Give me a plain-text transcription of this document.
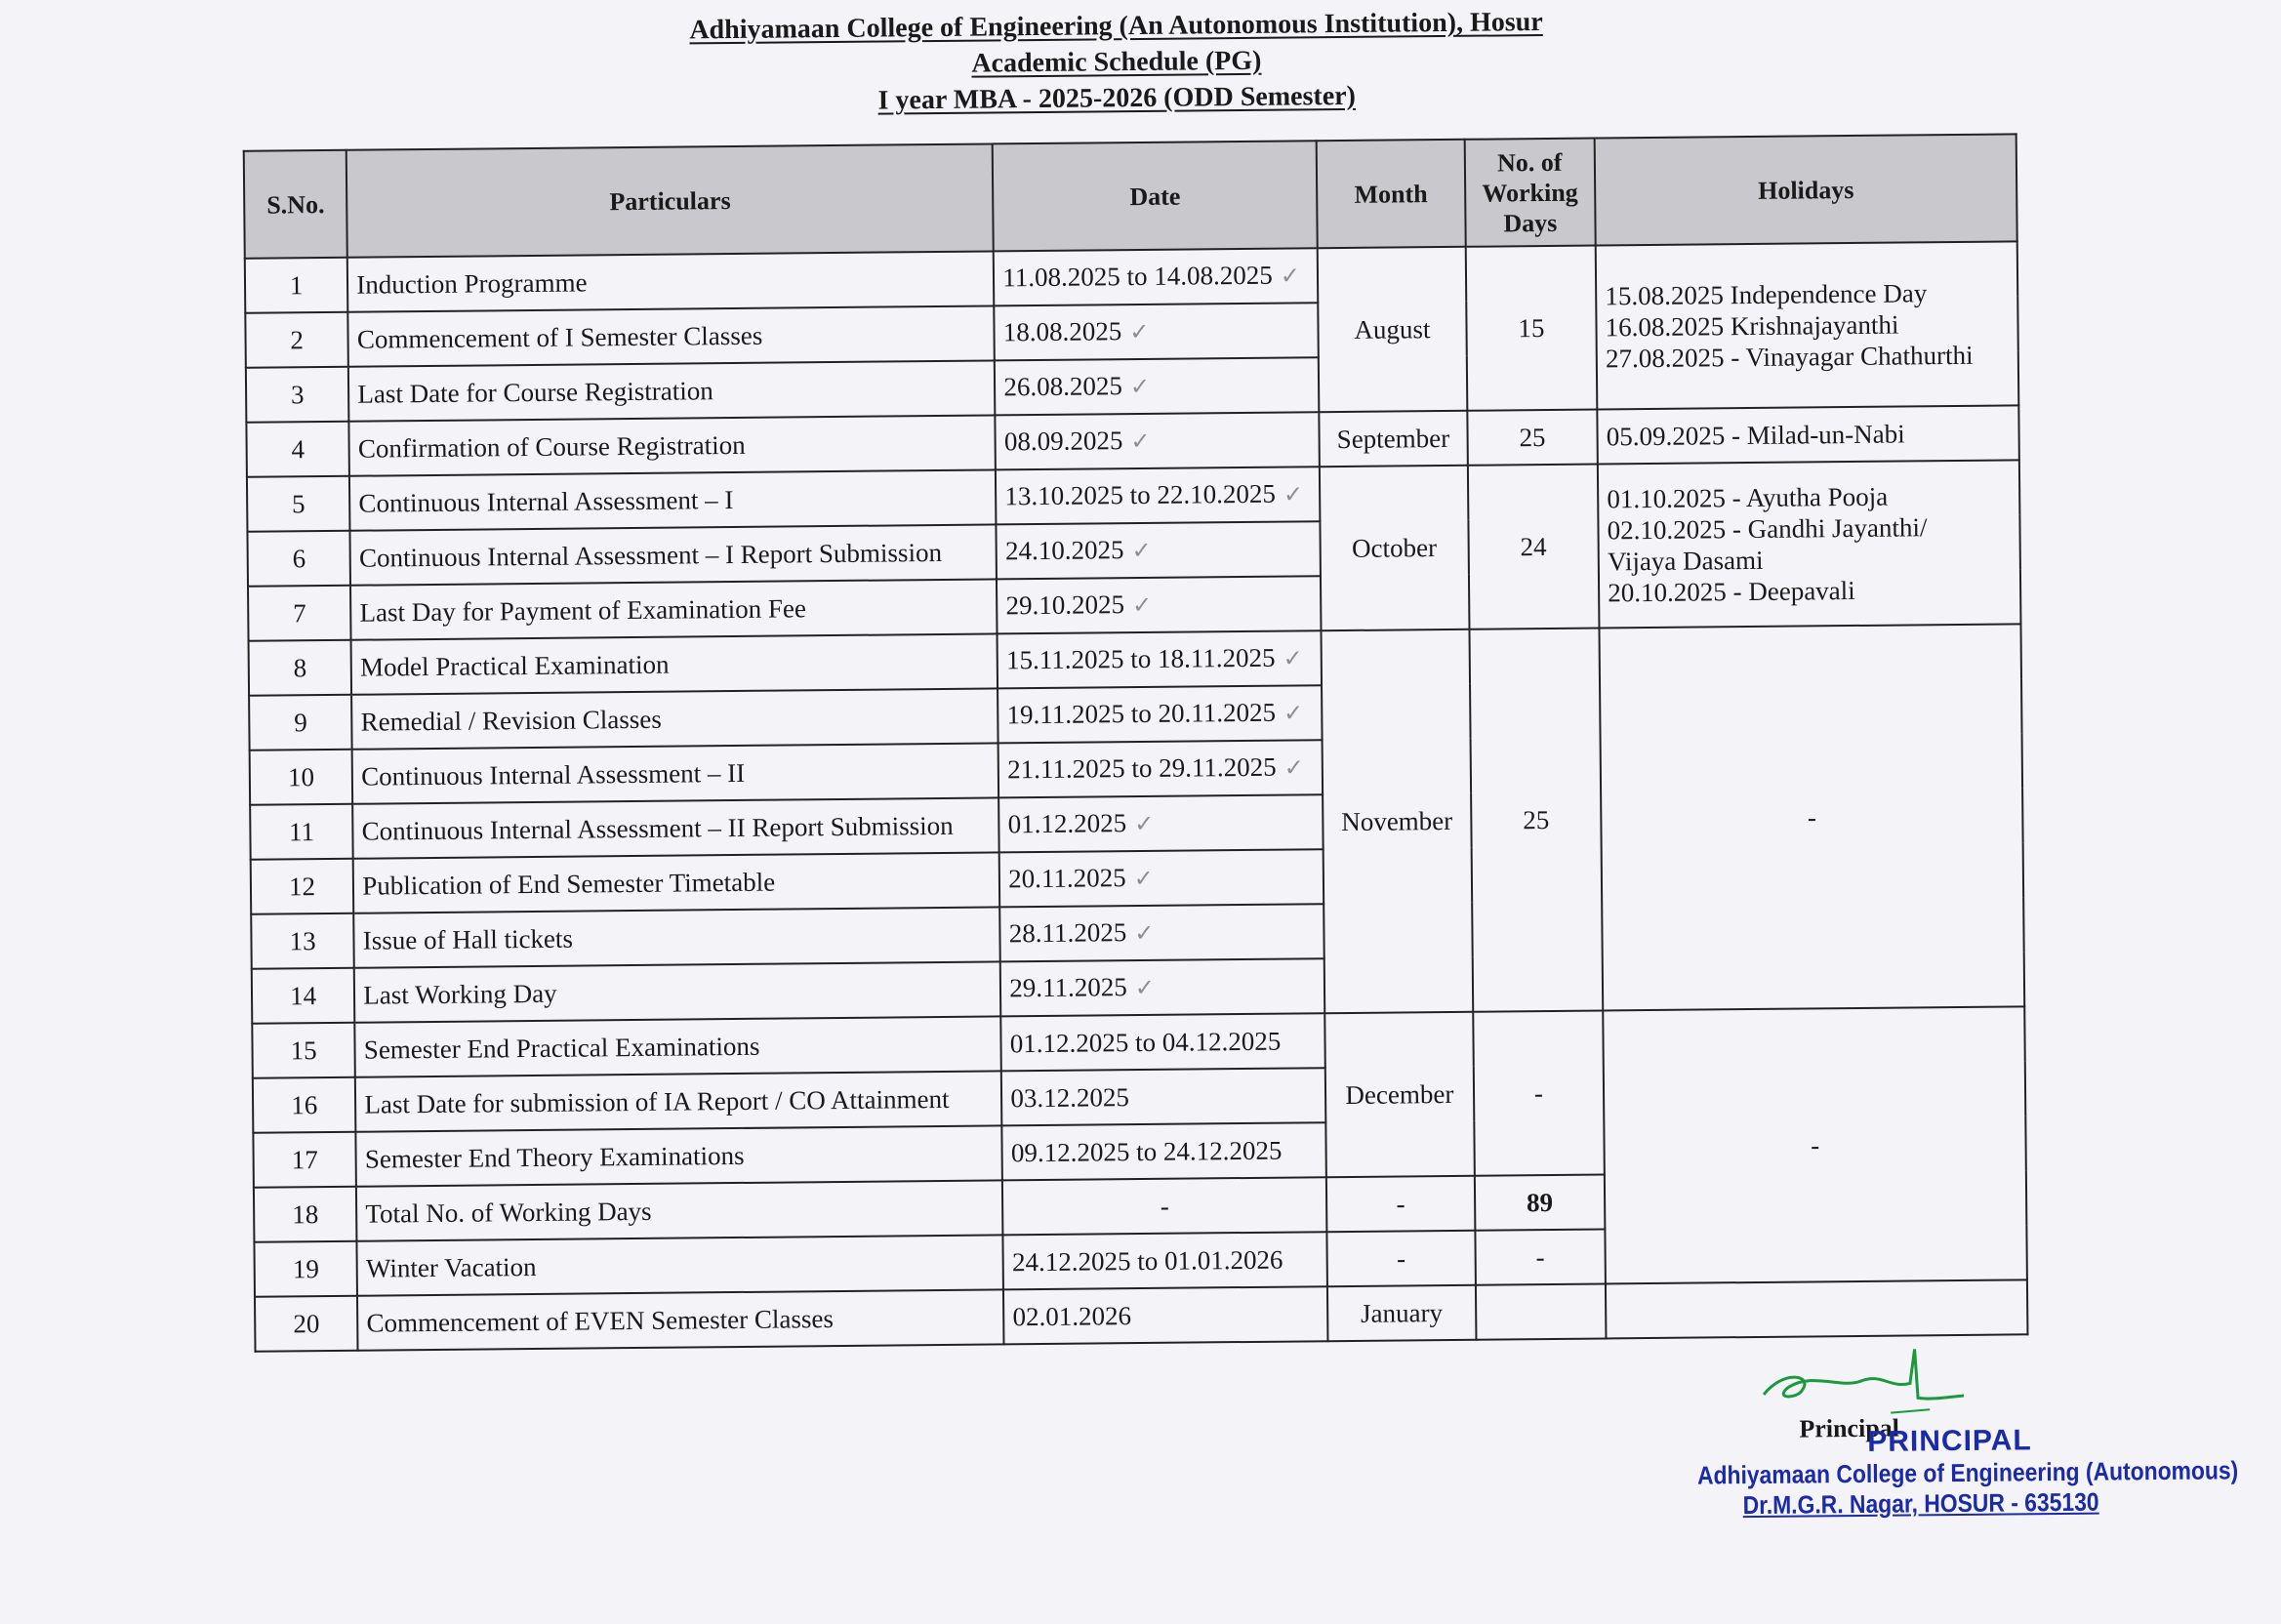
Adhiyamaan College of Engineering (An Autonomous Institution), Hosur
Academic Schedule (PG)
I year MBA - 2025-2026 (ODD Semester)
S.No.	Particulars	Date	Month	No. of Working Days	Holidays
1	Induction Programme	11.08.2025 to 14.08.2025 ✓	August	15	15.08.2025 Independence Day
16.08.2025 Krishnajayanthi
27.08.2025 - Vinayagar Chathurthi

2	Commencement of I Semester Classes	18.08.2025 ✓			
3	Last Date for Course Registration	26.08.2025 ✓			
4	Confirmation of Course Registration	08.09.2025 ✓	September	25	05.09.2025 - Milad-un-Nabi
5	Continuous Internal Assessment – I	13.10.2025 to 22.10.2025 ✓	October	24	01.10.2025 - Ayutha Pooja
02.10.2025 - Gandhi Jayanthi/
Vijaya Dasami
20.10.2025 - Deepavali

6	Continuous Internal Assessment – I Report Submission	24.10.2025 ✓			
7	Last Day for Payment of Examination Fee	29.10.2025 ✓			
8	Model Practical Examination	15.11.2025 to 18.11.2025 ✓	November	25	-
9	Remedial / Revision Classes	19.11.2025 to 20.11.2025 ✓			
10	Continuous Internal Assessment – II	21.11.2025 to 29.11.2025 ✓			
11	Continuous Internal Assessment – II Report Submission	01.12.2025 ✓			
12	Publication of End Semester Timetable	20.11.2025 ✓			
13	Issue of Hall tickets	28.11.2025 ✓			
14	Last Working Day	29.11.2025 ✓			
15	Semester End Practical Examinations	01.12.2025 to 04.12.2025	December	-	-
16	Last Date for submission of IA Report / CO Attainment	03.12.2025			
17	Semester End Theory Examinations	09.12.2025 to 24.12.2025			
18	Total No. of Working Days	-	-	89	
19	Winter Vacation	24.12.2025 to 01.01.2026	-	-	
20	Commencement of EVEN Semester Classes	02.01.2026	January		
Principal
PRINCIPAL
Adhiyamaan College of Engineering (Autonomous)
Dr.M.G.R. Nagar, HOSUR - 635130
